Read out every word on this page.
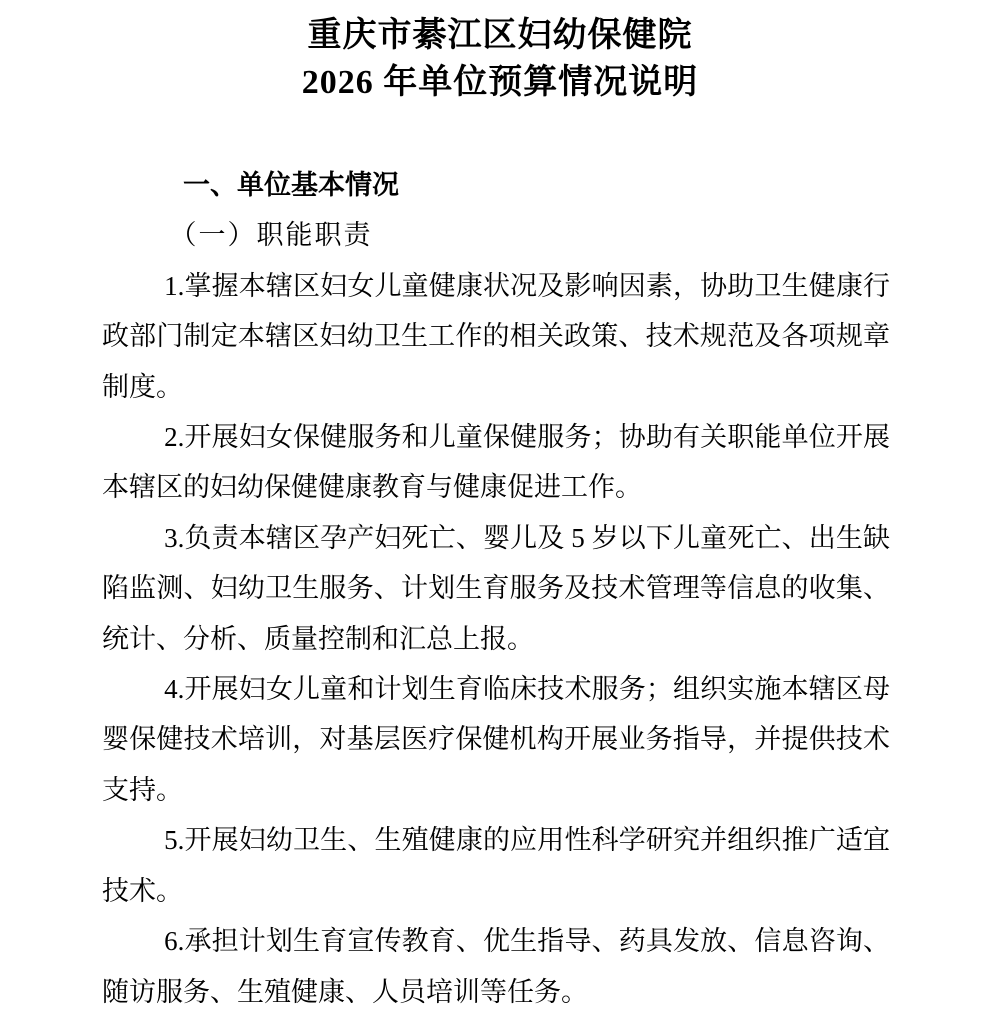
重庆市綦江区妇幼保健院
2026 年单位预算情况说明
一、单位基本情况
（一）职能职责

1.掌握本辖区妇女儿童健康状况及影响因素，协助卫生健康行政部门制定本辖区妇幼卫生工作的相关政策、技术规范及各项规章制度。

2.开展妇女保健服务和儿童保健服务；协助有关职能单位开展本辖区的妇幼保健健康教育与健康促进工作。

3.负责本辖区孕产妇死亡、婴儿及 5 岁以下儿童死亡、出生缺陷监测、妇幼卫生服务、计划生育服务及技术管理等信息的收集、统计、分析、质量控制和汇总上报。

4.开展妇女儿童和计划生育临床技术服务；组织实施本辖区母婴保健技术培训，对基层医疗保健机构开展业务指导，并提供技术支持。

5.开展妇幼卫生、生殖健康的应用性科学研究并组织推广适宜技术。

6.承担计划生育宣传教育、优生指导、药具发放、信息咨询、随访服务、生殖健康、人员培训等任务。
